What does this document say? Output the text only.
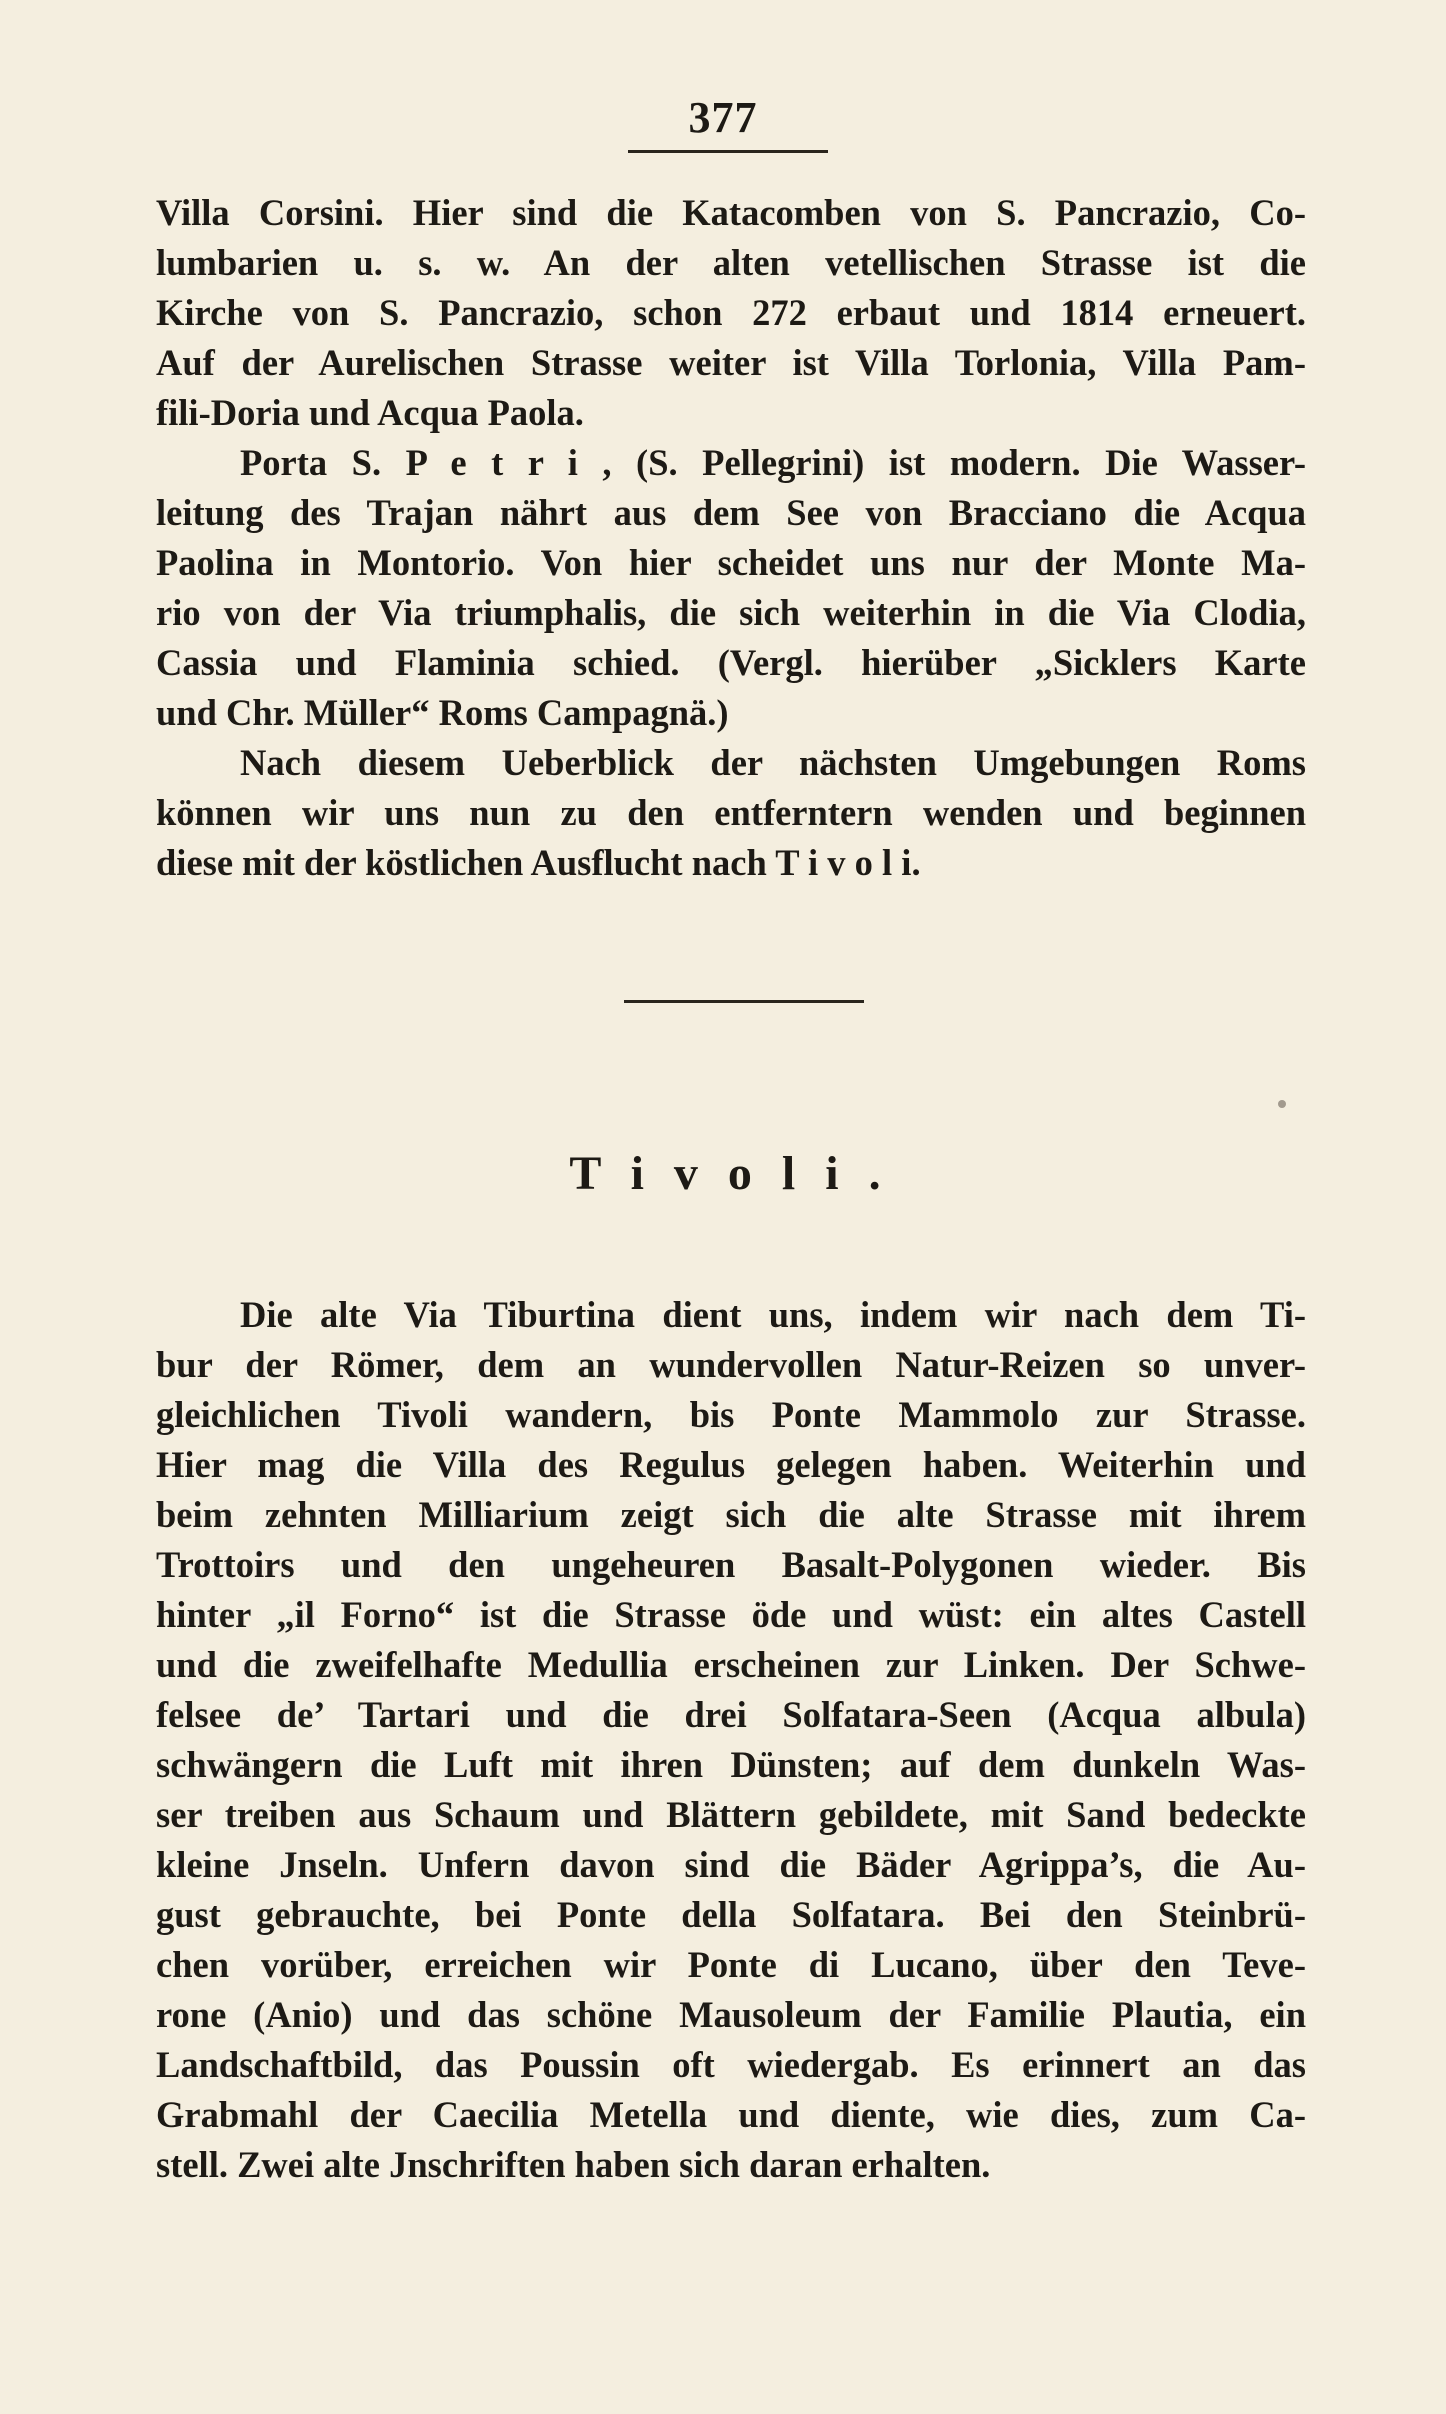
377
Villa Corsini. Hier sind die Katacomben von S. Pancrazio, Co-
lumbarien u. s. w. An der alten vetellischen Strasse ist die
Kirche von S. Pancrazio, schon 272 erbaut und 1814 erneuert.
Auf der Aurelischen Strasse weiter ist Villa Torlonia, Villa Pam-
fili-Doria und Acqua Paola.
Porta S. P e t r i , (S. Pellegrini) ist modern. Die Wasser-
leitung des Trajan nährt aus dem See von Bracciano die Acqua
Paolina in Montorio. Von hier scheidet uns nur der Monte Ma-
rio von der Via triumphalis, die sich weiterhin in die Via Clodia,
Cassia und Flaminia schied. (Vergl. hierüber „Sicklers Karte
und Chr. Müller“ Roms Campagnä.)
Nach diesem Ueberblick der nächsten Umgebungen Roms
können wir uns nun zu den entferntern wenden und beginnen
diese mit der köstlichen Ausflucht nach T i v o l i.
Tivoli.
Die alte Via Tiburtina dient uns, indem wir nach dem Ti-
bur der Römer, dem an wundervollen Natur-Reizen so unver-
gleichlichen Tivoli wandern, bis Ponte Mammolo zur Strasse.
Hier mag die Villa des Regulus gelegen haben. Weiterhin und
beim zehnten Milliarium zeigt sich die alte Strasse mit ihrem
Trottoirs und den ungeheuren Basalt-Polygonen wieder. Bis
hinter „il Forno“ ist die Strasse öde und wüst: ein altes Castell
und die zweifelhafte Medullia erscheinen zur Linken. Der Schwe-
felsee de’ Tartari und die drei Solfatara-Seen (Acqua albula)
schwängern die Luft mit ihren Dünsten; auf dem dunkeln Was-
ser treiben aus Schaum und Blättern gebildete, mit Sand bedeckte
kleine Jnseln. Unfern davon sind die Bäder Agrippa’s, die Au-
gust gebrauchte, bei Ponte della Solfatara. Bei den Steinbrü-
chen vorüber, erreichen wir Ponte di Lucano, über den Teve-
rone (Anio) und das schöne Mausoleum der Familie Plautia, ein
Landschaftbild, das Poussin oft wiedergab. Es erinnert an das
Grabmahl der Caecilia Metella und diente, wie dies, zum Ca-
stell. Zwei alte Jnschriften haben sich daran erhalten.
